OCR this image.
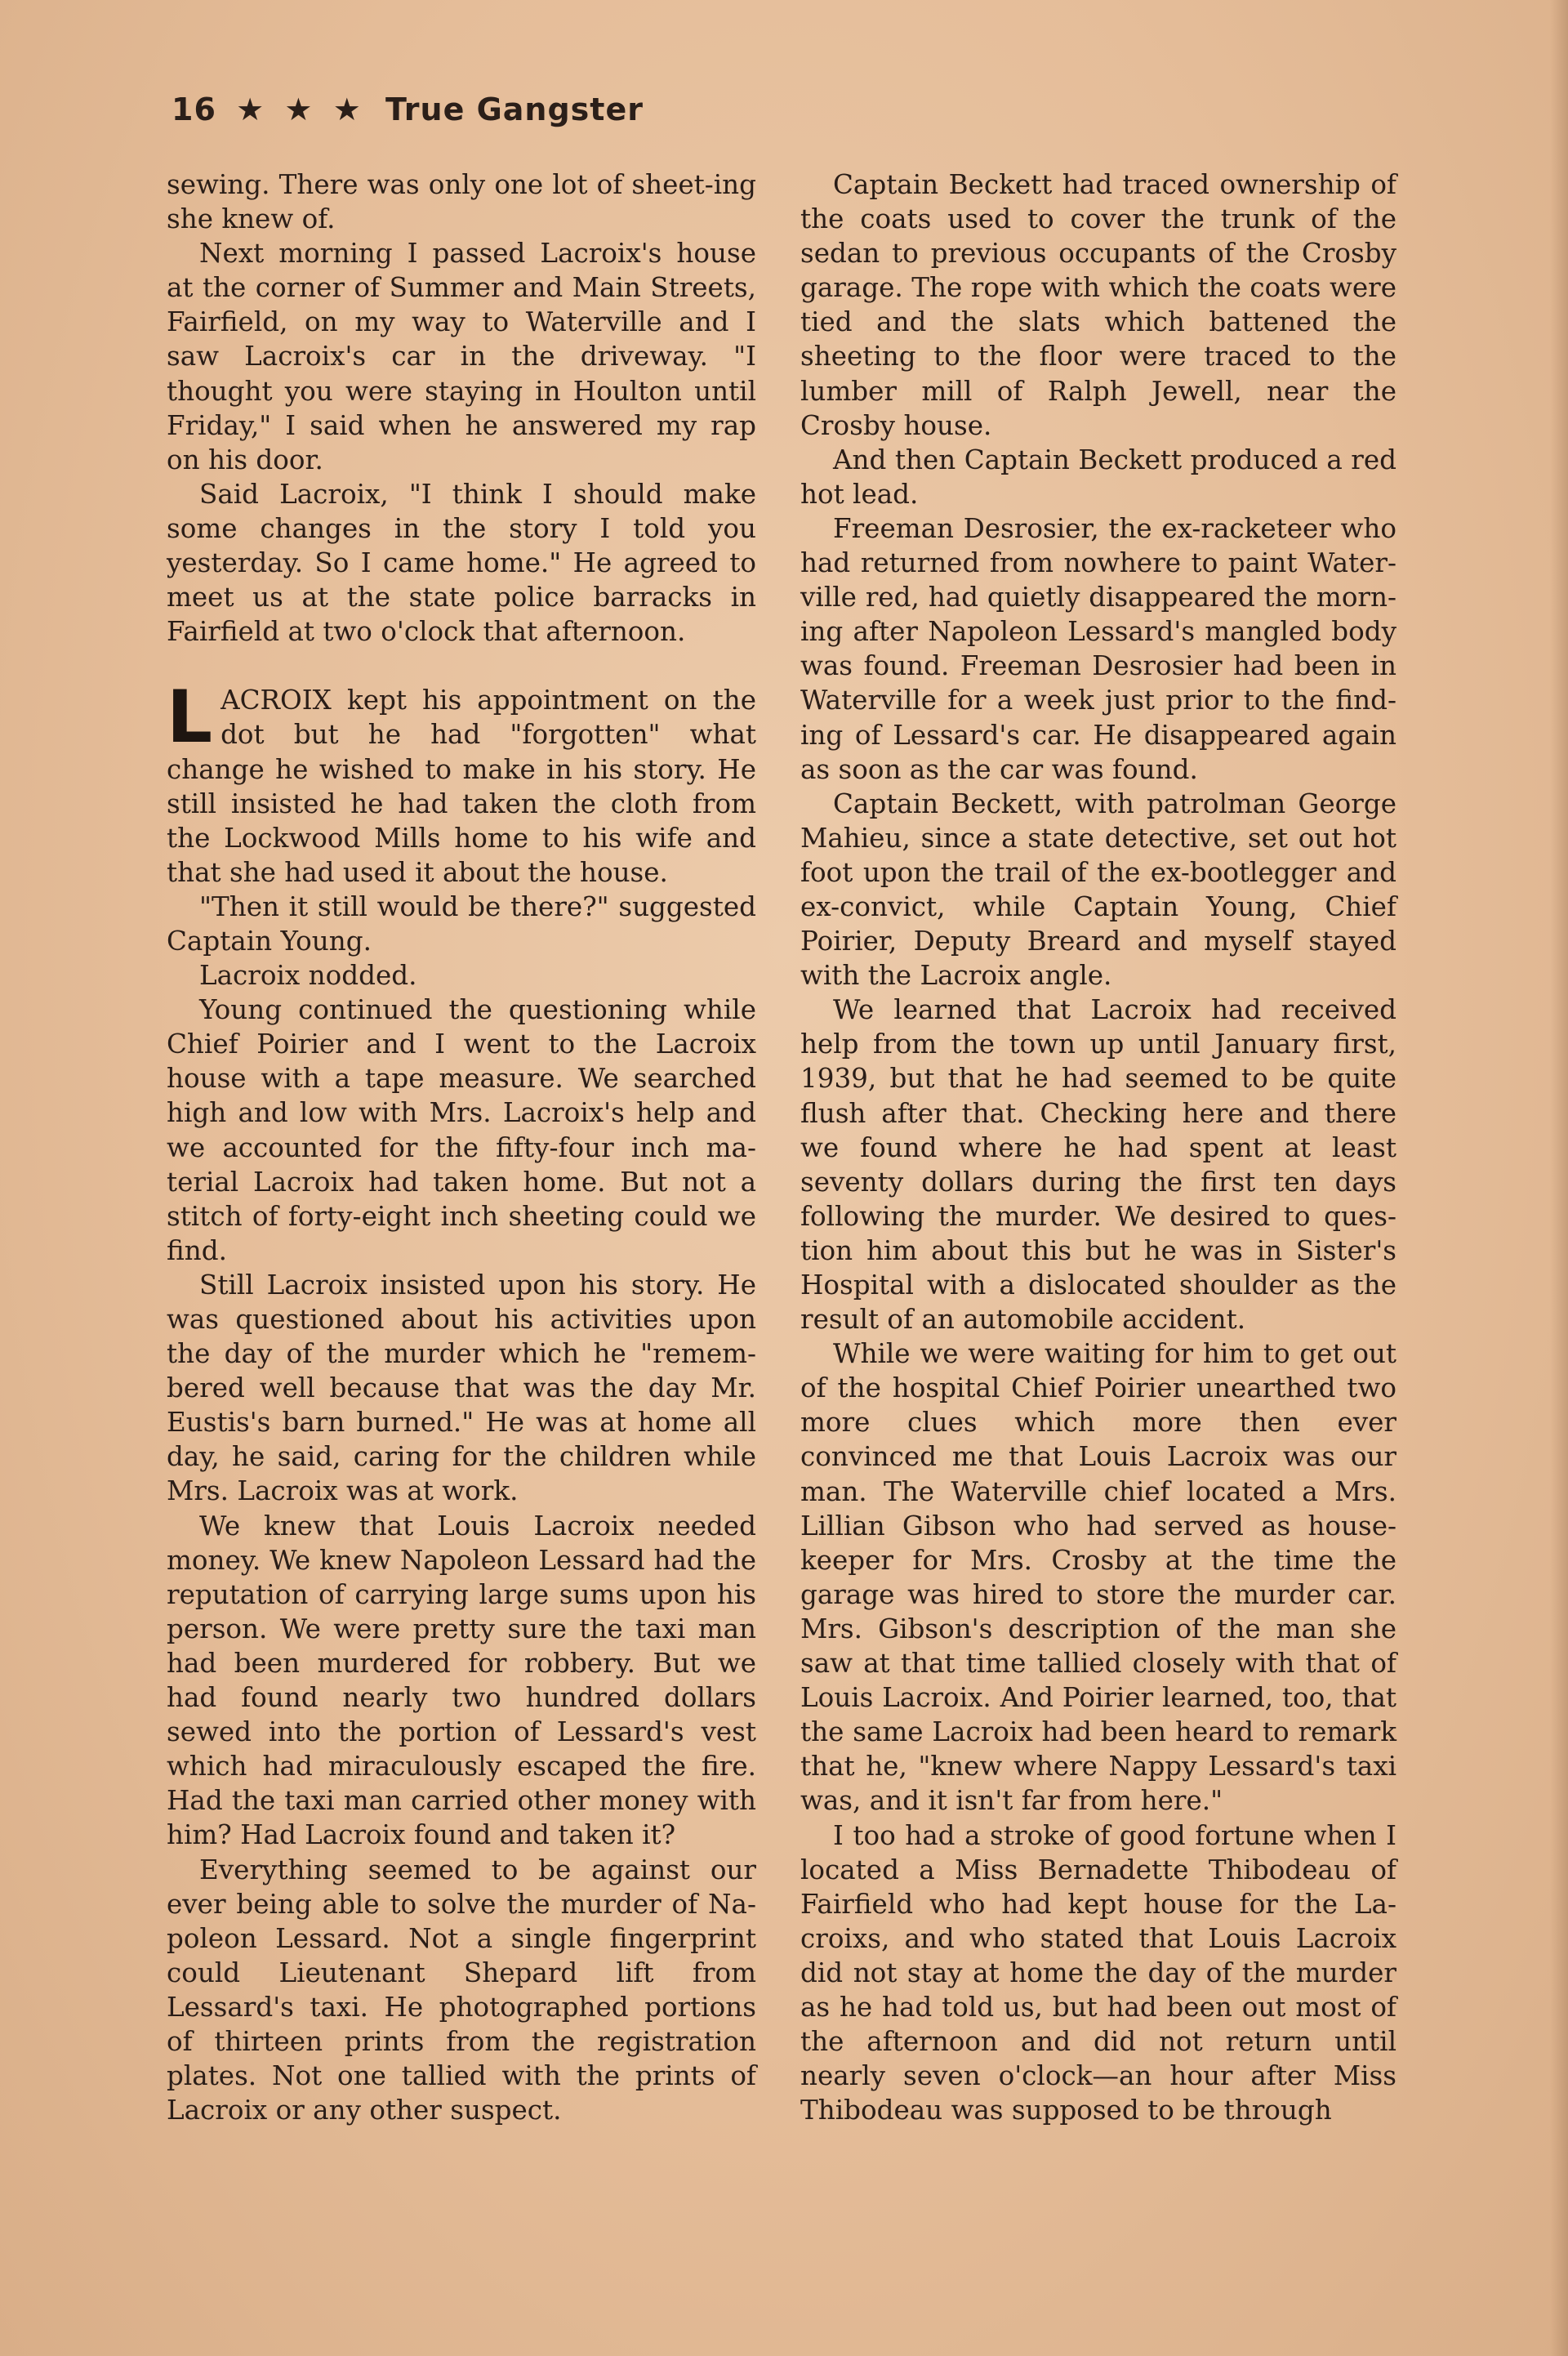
16 ★ ★ ★ True Gangster

sewing. There was only one lot of sheet-ing she knew of.

Next morning I passed Lacroix's house at the corner of Summer and Main Streets, Fairfield, on my way to Waterville and I saw Lacroix's car in the driveway. "I thought you were staying in Houlton until Friday," I said when he answered my rap on his door.

Said Lacroix, "I think I should make some changes in the story I told you yesterday. So I came home." He agreed to meet us at the state police barracks in Fairfield at two o'clock that afternoon.

LACROIX kept his appointment on the dot but he had "forgotten" what change he wished to make in his story. He still insisted he had taken the cloth from the Lockwood Mills home to his wife and that she had used it about the house.

"Then it still would be there?" suggested Captain Young.

Lacroix nodded.

Young continued the questioning while Chief Poirier and I went to the Lacroix house with a tape measure. We searched high and low with Mrs. Lacroix's help and we accounted for the fifty-four inch ma-terial Lacroix had taken home. But not a stitch of forty-eight inch sheeting could we find.

Still Lacroix insisted upon his story. He was questioned about his activities upon the day of the murder which he "remem-bered well because that was the day Mr. Eustis's barn burned." He was at home all day, he said, caring for the children while Mrs. Lacroix was at work.

We knew that Louis Lacroix needed money. We knew Napoleon Lessard had the reputation of carrying large sums upon his person. We were pretty sure the taxi man had been murdered for robbery. But we had found nearly two hundred dollars sewed into the portion of Lessard's vest which had miraculously escaped the fire. Had the taxi man carried other money with him? Had Lacroix found and taken it?

Everything seemed to be against our ever being able to solve the murder of Na-poleon Lessard. Not a single fingerprint could Lieutenant Shepard lift from Lessard's taxi. He photographed portions of thirteen prints from the registration plates. Not one tallied with the prints of Lacroix or any other suspect.

Captain Beckett had traced ownership of the coats used to cover the trunk of the sedan to previous occupants of the Crosby garage. The rope with which the coats were tied and the slats which battened the sheeting to the floor were traced to the lumber mill of Ralph Jewell, near the Crosby house.

And then Captain Beckett produced a red hot lead.

Freeman Desrosier, the ex-racketeer who had returned from nowhere to paint Water-ville red, had quietly disappeared the morn-ing after Napoleon Lessard's mangled body was found. Freeman Desrosier had been in Waterville for a week just prior to the find-ing of Lessard's car. He disappeared again as soon as the car was found.

Captain Beckett, with patrolman George Mahieu, since a state detective, set out hot foot upon the trail of the ex-bootlegger and ex-convict, while Captain Young, Chief Poirier, Deputy Breard and myself stayed with the Lacroix angle.

We learned that Lacroix had received help from the town up until January first, 1939, but that he had seemed to be quite flush after that. Checking here and there we found where he had spent at least seventy dollars during the first ten days following the murder. We desired to ques-tion him about this but he was in Sister's Hospital with a dislocated shoulder as the result of an automobile accident.

While we were waiting for him to get out of the hospital Chief Poirier unearthed two more clues which more then ever convinced me that Louis Lacroix was our man. The Waterville chief located a Mrs. Lillian Gibson who had served as house-keeper for Mrs. Crosby at the time the garage was hired to store the murder car. Mrs. Gibson's description of the man she saw at that time tallied closely with that of Louis Lacroix. And Poirier learned, too, that the same Lacroix had been heard to remark that he, "knew where Nappy Lessard's taxi was, and it isn't far from here."

I too had a stroke of good fortune when I located a Miss Bernadette Thibodeau of Fairfield who had kept house for the La-croixs, and who stated that Louis Lacroix did not stay at home the day of the murder as he had told us, but had been out most of the afternoon and did not return until nearly seven o'clock—an hour after Miss Thibodeau was supposed to be through
